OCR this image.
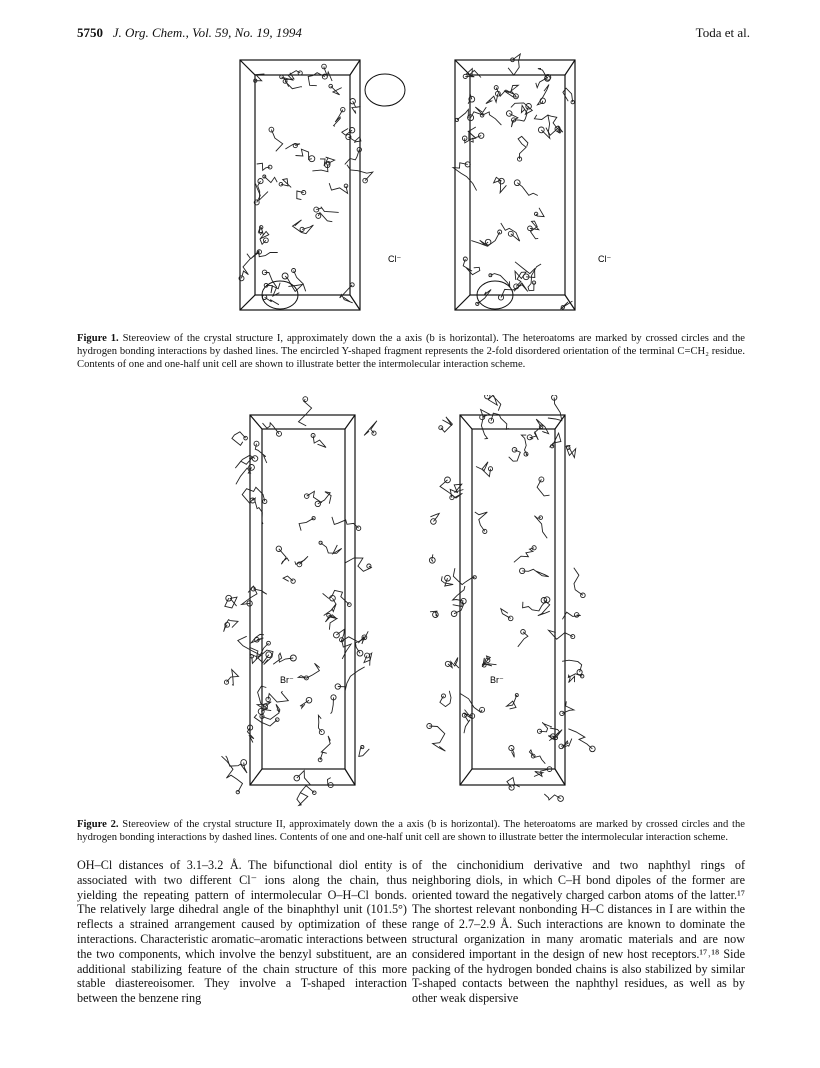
5750 J. Org. Chem., Vol. 59, No. 19, 1994	Toda et al.
Cl⁻	Cl⁻
Figure 1. Stereoview of the crystal structure I, approximately down the a axis (b is horizontal). The heteroatoms are marked by crossed circles and the hydrogen bonding interactions by dashed lines. The encircled Y-shaped fragment represents the 2-fold disordered orientation of the terminal C=CH₂ residue. Contents of one and one-half unit cell are shown to illustrate better the intermolecular interaction scheme.
Br⁻	Br⁻
Figure 2. Stereoview of the crystal structure II, approximately down the a axis (b is horizontal). The heteroatoms are marked by crossed circles and the hydrogen bonding interactions by dashed lines. Contents of one and one-half unit cell are shown to illustrate better the intermolecular interaction scheme.
OH–Cl distances of 3.1–3.2 Å. The bifunctional diol entity is associated with two different Cl⁻ ions along the chain, thus yielding the repeating pattern of intermolecular O–H–Cl bonds. The relatively large dihedral angle of the binaphthyl unit (101.5°) reflects a strained arrangement caused by optimization of these interactions. Characteristic aromatic–aromatic interactions between the two components, which involve the benzyl substituent, are an additional stabilizing feature of the chain structure of this more stable diastereoisomer. They involve a T-shaped interaction between the benzene ring
of the cinchonidium derivative and two naphthyl rings of neighboring diols, in which C–H bond dipoles of the former are oriented toward the negatively charged carbon atoms of the latter.¹⁷ The shortest relevant nonbonding H–C distances in I are within the range of 2.7–2.9 Å. Such interactions are known to dominate the structural organization in many aromatic materials and are now considered important in the design of new host receptors.¹⁷˒¹⁸ Side packing of the hydrogen bonded chains is also stabilized by similar T-shaped contacts between the naphthyl residues, as well as by other weak dispersive
